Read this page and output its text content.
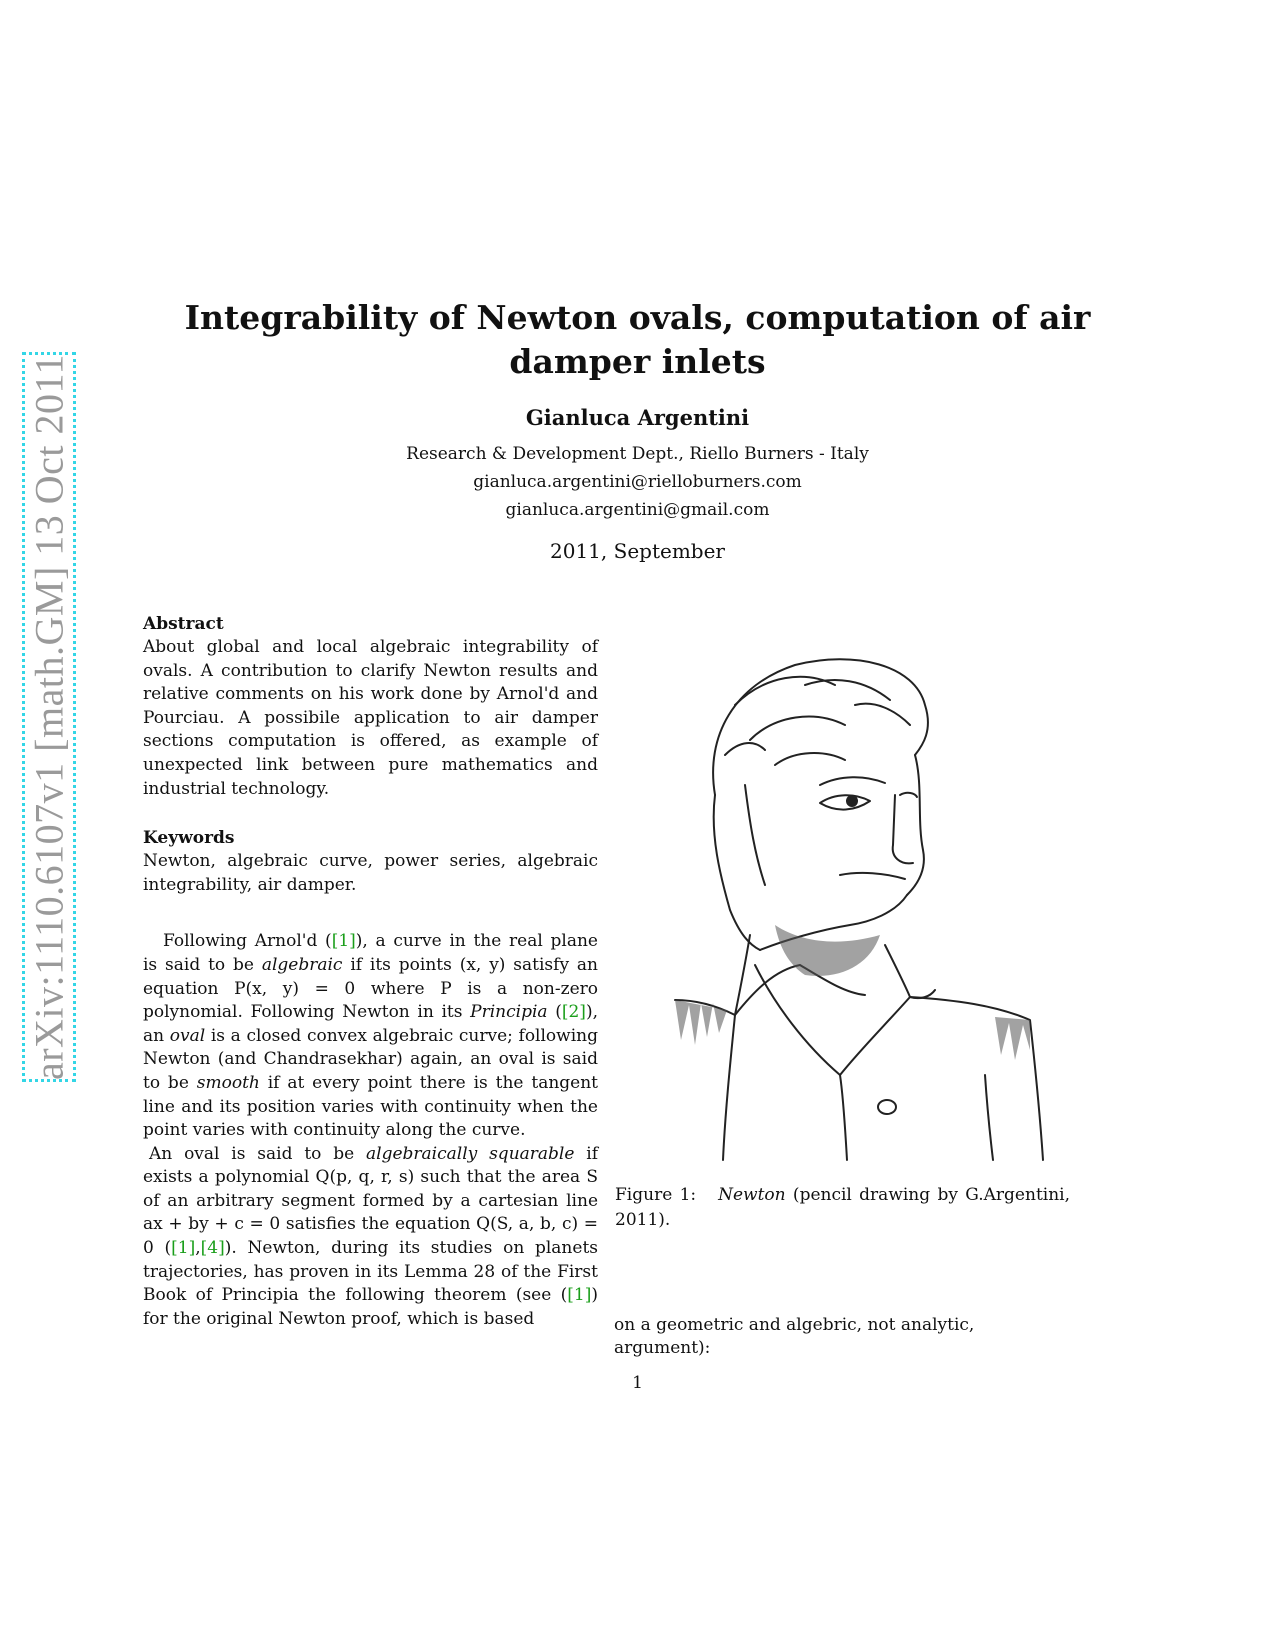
arXiv:1110.6107v1 [math.GM] 13 Oct 2011
Integrability of Newton ovals, computation of air damper inlets
Gianluca Argentini
Research & Development Dept., Riello Burners - Italy
gianluca.argentini@rielloburners.com
gianluca.argentini@gmail.com
2011, September
Abstract

About global and local algebraic integrability of ovals. A contribution to clarify Newton results and relative comments on his work done by Arnol'd and Pourciau. A possibile application to air damper sections computation is offered, as example of unexpected link between pure mathematics and industrial technology.

Keywords

Newton, algebraic curve, power series, algebraic integrability, air damper.

Following Arnol'd ([1]), a curve in the real plane is said to be algebraic if its points (x, y) satisfy an equation P(x, y) = 0 where P is a non-zero polynomial. Following Newton in its Principia ([2]), an oval is a closed convex algebraic curve; following Newton (and Chandrasekhar) again, an oval is said to be smooth if at every point there is the tangent line and its position varies with continuity when the point varies with continuity along the curve.

An oval is said to be algebraically squarable if exists a polynomial Q(p, q, r, s) such that the area S of an arbitrary segment formed by a cartesian line ax + by + c = 0 satisfies the equation Q(S, a, b, c) = 0 ([1],[4]). Newton, during its studies on planets trajectories, has proven in its Lemma 28 of the First Book of Principia the following theorem (see ([1]) for the original Newton proof, which is based

Figure 1: Newton (pencil drawing by G.Argentini, 2011).
on a geometric and algebric, not analytic, argument):
1
